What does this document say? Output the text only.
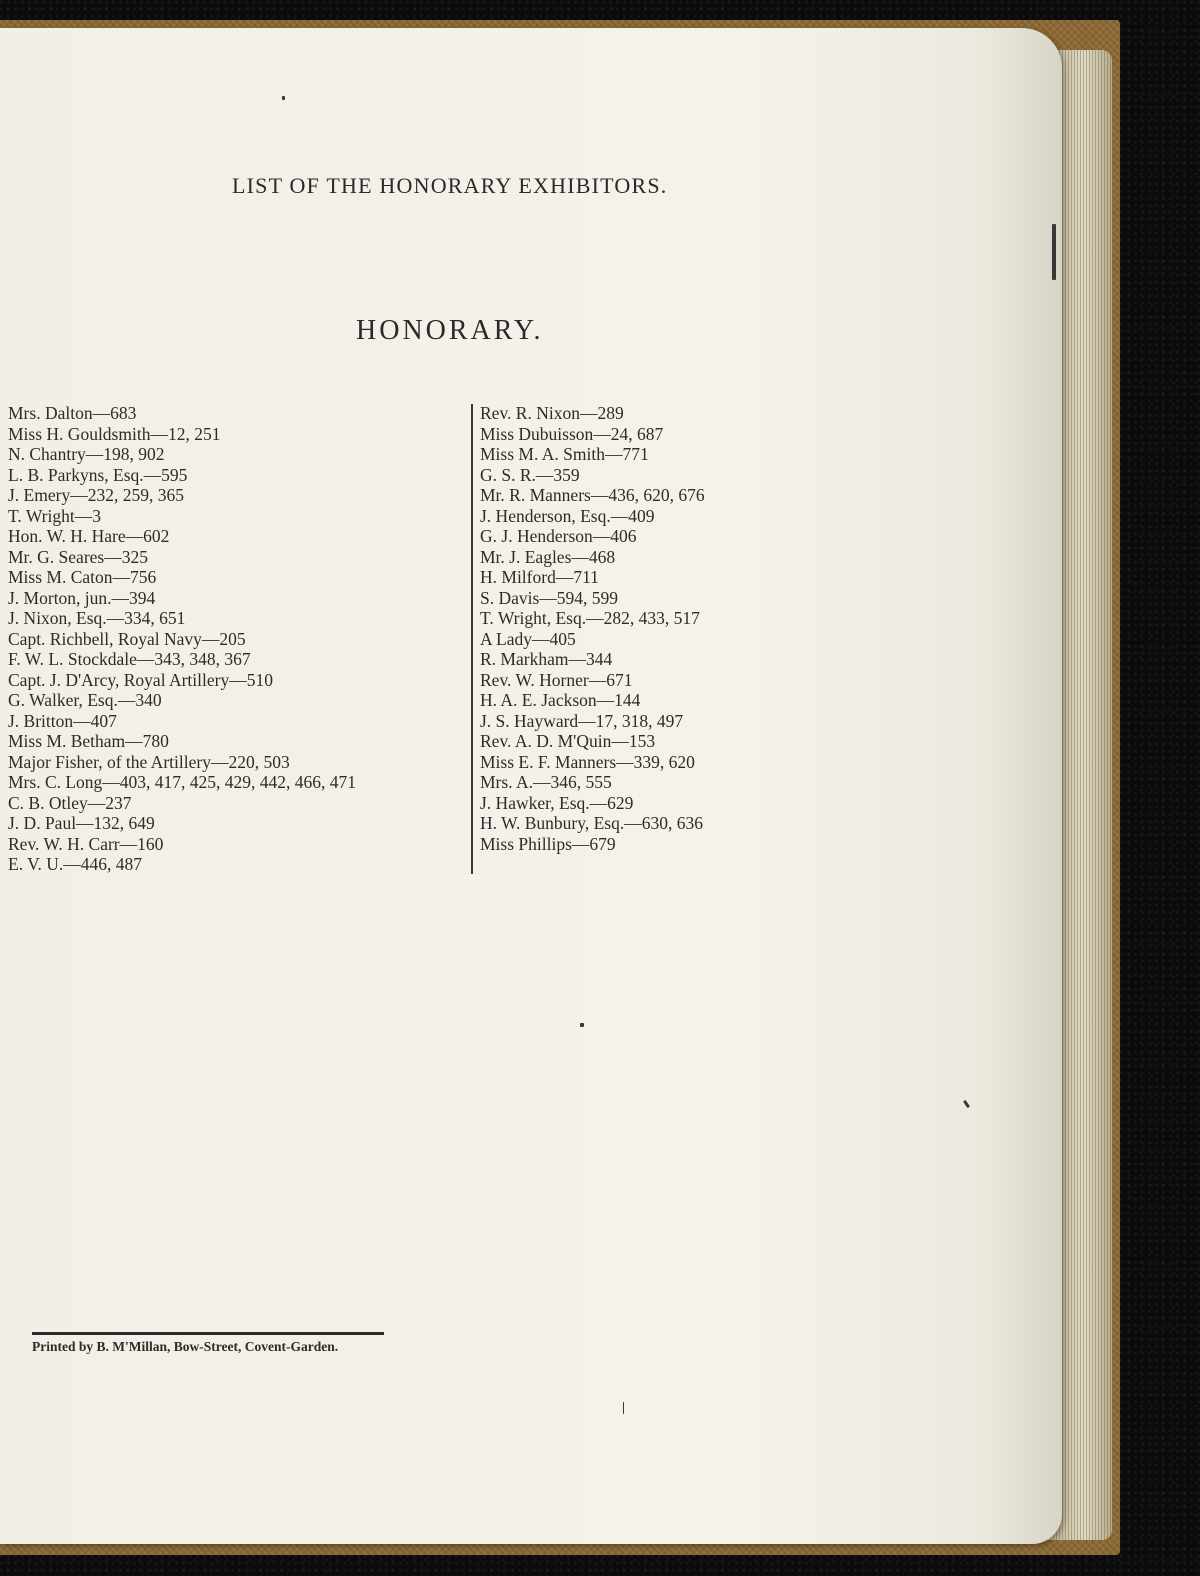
LIST OF THE HONORARY EXHIBITORS.
HONORARY.
Mrs. Dalton—683
Miss H. Gouldsmith—12, 251
N. Chantry—198, 902
L. B. Parkyns, Esq.—595
J. Emery—232, 259, 365
T. Wright—3
Hon. W. H. Hare—602
Mr. G. Seares—325
Miss M. Caton—756
J. Morton, jun.—394
J. Nixon, Esq.—334, 651
Capt. Richbell, Royal Navy—205
F. W. L. Stockdale—343, 348, 367
Capt. J. D'Arcy, Royal Artillery—510
G. Walker, Esq.—340
J. Britton—407
Miss M. Betham—780
Major Fisher, of the Artillery—220, 503
Mrs. C. Long—403, 417, 425, 429, 442, 466, 471
C. B. Otley—237
J. D. Paul—132, 649
Rev. W. H. Carr—160
E. V. U.—446, 487
Rev. R. Nixon—289
Miss Dubuisson—24, 687
Miss M. A. Smith—771
G. S. R.—359
Mr. R. Manners—436, 620, 676
J. Henderson, Esq.—409
G. J. Henderson—406
Mr. J. Eagles—468
H. Milford—711
S. Davis—594, 599
T. Wright, Esq.—282, 433, 517
A Lady—405
R. Markham—344
Rev. W. Horner—671
H. A. E. Jackson—144
J. S. Hayward—17, 318, 497
Rev. A. D. M'Quin—153
Miss E. F. Manners—339, 620
Mrs. A.—346, 555
J. Hawker, Esq.—629
H. W. Bunbury, Esq.—630, 636
Miss Phillips—679
Printed by B. M'Millan, Bow-Street, Covent-Garden.
